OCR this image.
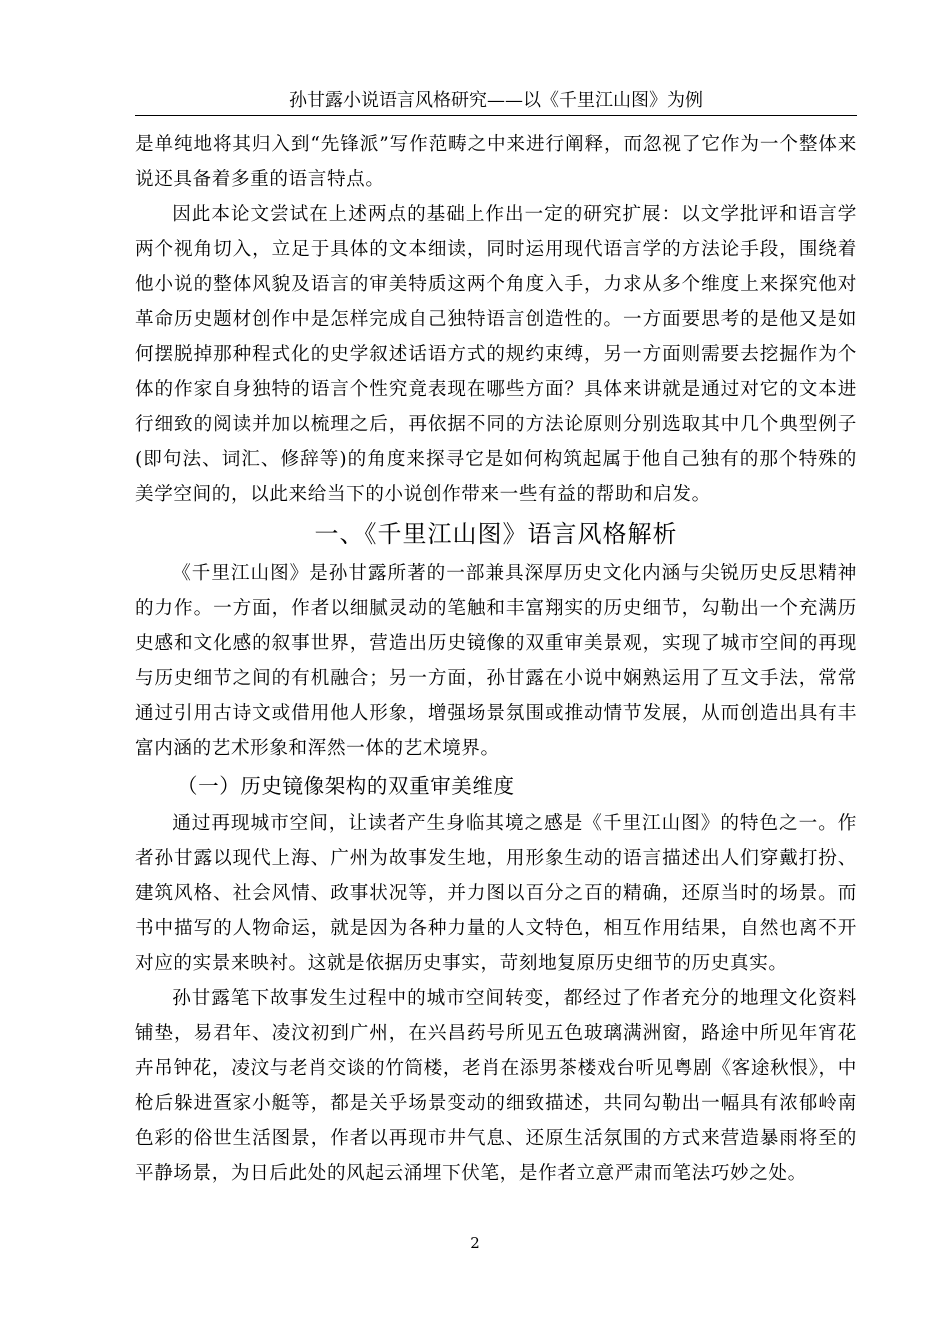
孙甘露小说语言风格研究——以《千里江山图》为例

是单纯地将其归入到“先锋派”写作范畴之中来进行阐释，而忽视了它作为一个整体来说还具备着多重的语言特点。

因此本论文尝试在上述两点的基础上作出一定的研究扩展：以文学批评和语言学两个视角切入，立足于具体的文本细读，同时运用现代语言学的方法论手段，围绕着他小说的整体风貌及语言的审美特质这两个角度入手，力求从多个维度上来探究他对革命历史题材创作中是怎样完成自己独特语言创造性的。一方面要思考的是他又是如何摆脱掉那种程式化的史学叙述话语方式的规约束缚，另一方面则需要去挖掘作为个体的作家自身独特的语言个性究竟表现在哪些方面？具体来讲就是通过对它的文本进行细致的阅读并加以梳理之后，再依据不同的方法论原则分别选取其中几个典型例子(即句法、词汇、修辞等)的角度来探寻它是如何构筑起属于他自己独有的那个特殊的美学空间的，以此来给当下的小说创作带来一些有益的帮助和启发。

一、《千里江山图》语言风格解析

《千里江山图》是孙甘露所著的一部兼具深厚历史文化内涵与尖锐历史反思精神的力作。一方面，作者以细腻灵动的笔触和丰富翔实的历史细节，勾勒出一个充满历史感和文化感的叙事世界，营造出历史镜像的双重审美景观，实现了城市空间的再现与历史细节之间的有机融合；另一方面，孙甘露在小说中娴熟运用了互文手法，常常通过引用古诗文或借用他人形象，增强场景氛围或推动情节发展，从而创造出具有丰富内涵的艺术形象和浑然一体的艺术境界。

（一）历史镜像架构的双重审美维度

通过再现城市空间，让读者产生身临其境之感是《千里江山图》的特色之一。作者孙甘露以现代上海、广州为故事发生地，用形象生动的语言描述出人们穿戴打扮、建筑风格、社会风情、政事状况等，并力图以百分之百的精确，还原当时的场景。而书中描写的人物命运，就是因为各种力量的人文特色，相互作用结果，自然也离不开对应的实景来映衬。这就是依据历史事实，苛刻地复原历史细节的历史真实。

孙甘露笔下故事发生过程中的城市空间转变，都经过了作者充分的地理文化资料铺垫，易君年、凌汶初到广州，在兴昌药号所见五色玻璃满洲窗，路途中所见年宵花卉吊钟花，凌汶与老肖交谈的竹筒楼，老肖在添男茶楼戏台听见粤剧《客途秋恨》，中枪后躲进疍家小艇等，都是关乎场景变动的细致描述，共同勾勒出一幅具有浓郁岭南色彩的俗世生活图景，作者以再现市井气息、还原生活氛围的方式来营造暴雨将至的平静场景，为日后此处的风起云涌埋下伏笔，是作者立意严肃而笔法巧妙之处。

2
